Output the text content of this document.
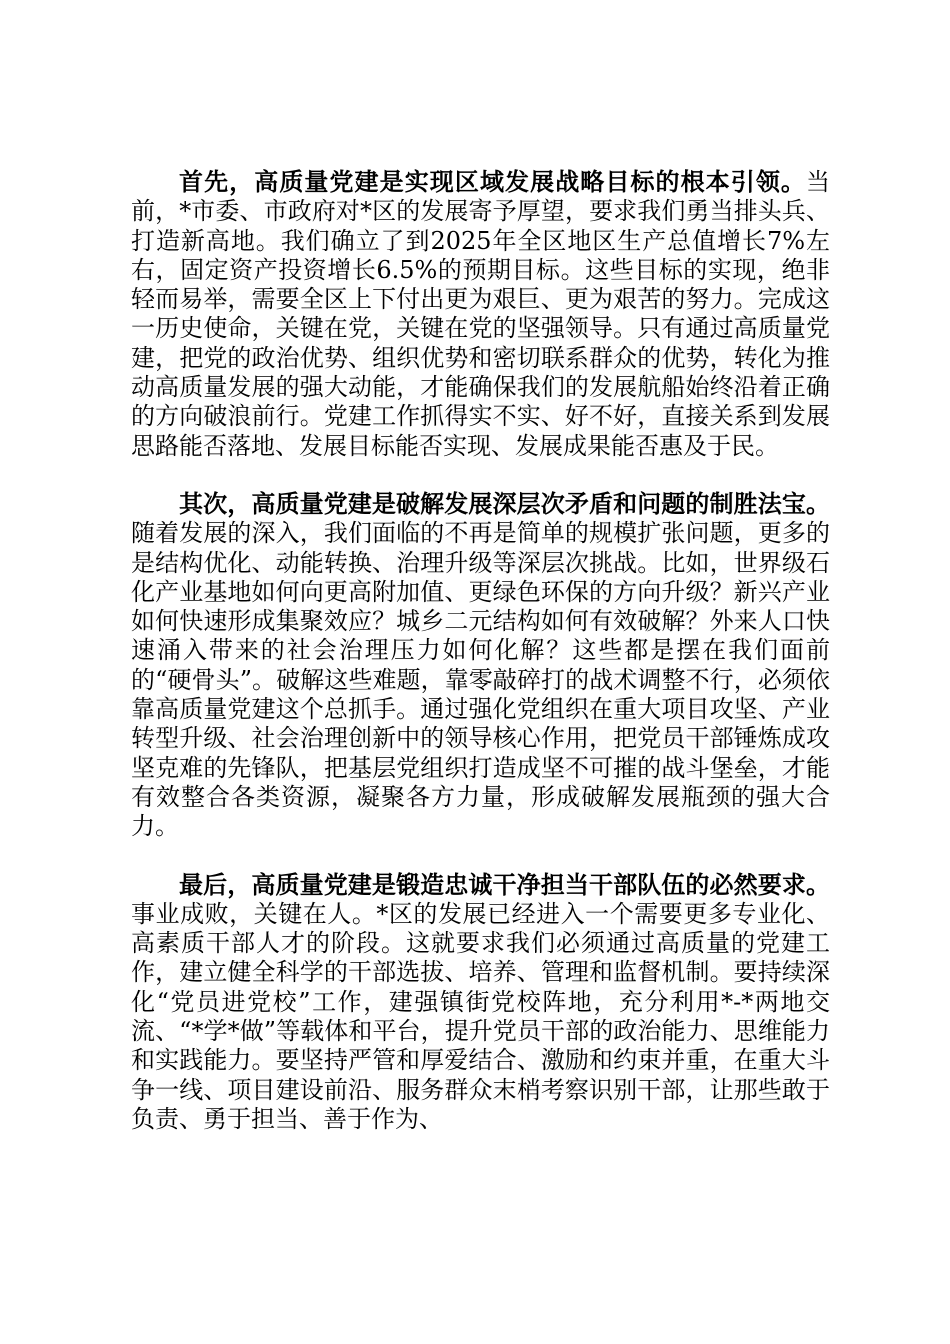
首先，高质量党建是实现区域发展战略目标的根本引领。当前，*市委、市政府对*区的发展寄予厚望，要求我们勇当排头兵、打造新高地。我们确立了到2025年全区地区生产总值增长7%左右，固定资产投资增长6.5%的预期目标。这些目标的实现，绝非轻而易举，需要全区上下付出更为艰巨、更为艰苦的努力。完成这一历史使命，关键在党，关键在党的坚强领导。只有通过高质量党建，把党的政治优势、组织优势和密切联系群众的优势，转化为推动高质量发展的强大动能，才能确保我们的发展航船始终沿着正确的方向破浪前行。党建工作抓得实不实、好不好，直接关系到发展思路能否落地、发展目标能否实现、发展成果能否惠及于民。

其次，高质量党建是破解发展深层次矛盾和问题的制胜法宝。随着发展的深入，我们面临的不再是简单的规模扩张问题，更多的是结构优化、动能转换、治理升级等深层次挑战。比如，世界级石化产业基地如何向更高附加值、更绿色环保的方向升级？新兴产业如何快速形成集聚效应？城乡二元结构如何有效破解？外来人口快速涌入带来的社会治理压力如何化解？这些都是摆在我们面前的“硬骨头”。破解这些难题，靠零敲碎打的战术调整不行，必须依靠高质量党建这个总抓手。通过强化党组织在重大项目攻坚、产业转型升级、社会治理创新中的领导核心作用，把党员干部锤炼成攻坚克难的先锋队，把基层党组织打造成坚不可摧的战斗堡垒，才能有效整合各类资源，凝聚各方力量，形成破解发展瓶颈的强大合力。

最后，高质量党建是锻造忠诚干净担当干部队伍的必然要求。事业成败，关键在人。*区的发展已经进入一个需要更多专业化、高素质干部人才的阶段。这就要求我们必须通过高质量的党建工作，建立健全科学的干部选拔、培养、管理和监督机制。要持续深化“党员进党校”工作，建强镇街党校阵地，充分利用*-*两地交流、“*学*做”等载体和平台，提升党员干部的政治能力、思维能力和实践能力。要坚持严管和厚爱结合、激励和约束并重，在重大斗争一线、项目建设前沿、服务群众末梢考察识别干部，让那些敢于负责、勇于担当、善于作为、
